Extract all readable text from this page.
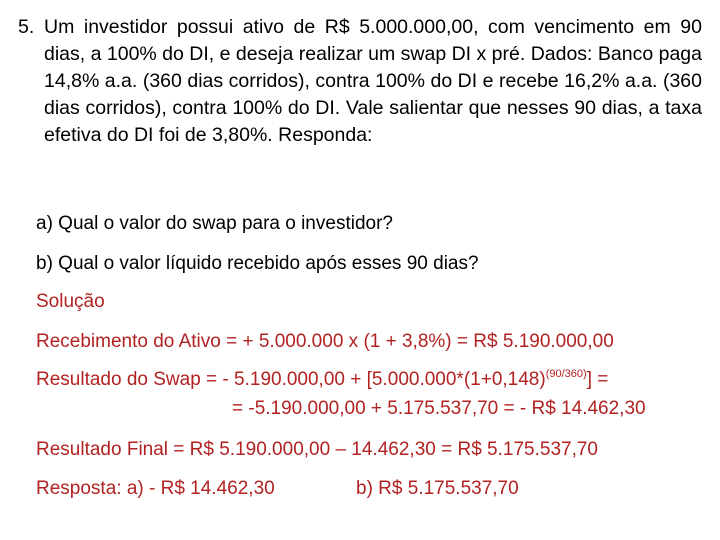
5. Um investidor possui ativo de R$ 5.000.000,00, com vencimento em 90 dias, a 100% do DI, e deseja realizar um swap DI x pré. Dados: Banco paga 14,8% a.a. (360 dias corridos), contra 100% do DI e recebe 16,2% a.a. (360 dias corridos), contra 100% do DI. Vale salientar que nesses 90 dias, a taxa efetiva do DI foi de 3,80%. Responda:
a) Qual o valor do swap para o investidor?
b) Qual o valor líquido recebido após esses 90 dias?
Solução
Recebimento do Ativo = + 5.000.000 x (1 + 3,8%) = R$ 5.190.000,00
Resultado do Swap = - $5.190.000,00 + [5.000.000*(1+0,148)^{(90/360)}]$ =
= -5.190.000,00 + 5.175.537,70 = - R$ 14.462,30
Resultado Final = R$ 5.190.000,00 – 14.462,30 = R$ 5.175.537,70
Resposta: a) - R$ 14.462,30	b) R$ 5.175.537,70
